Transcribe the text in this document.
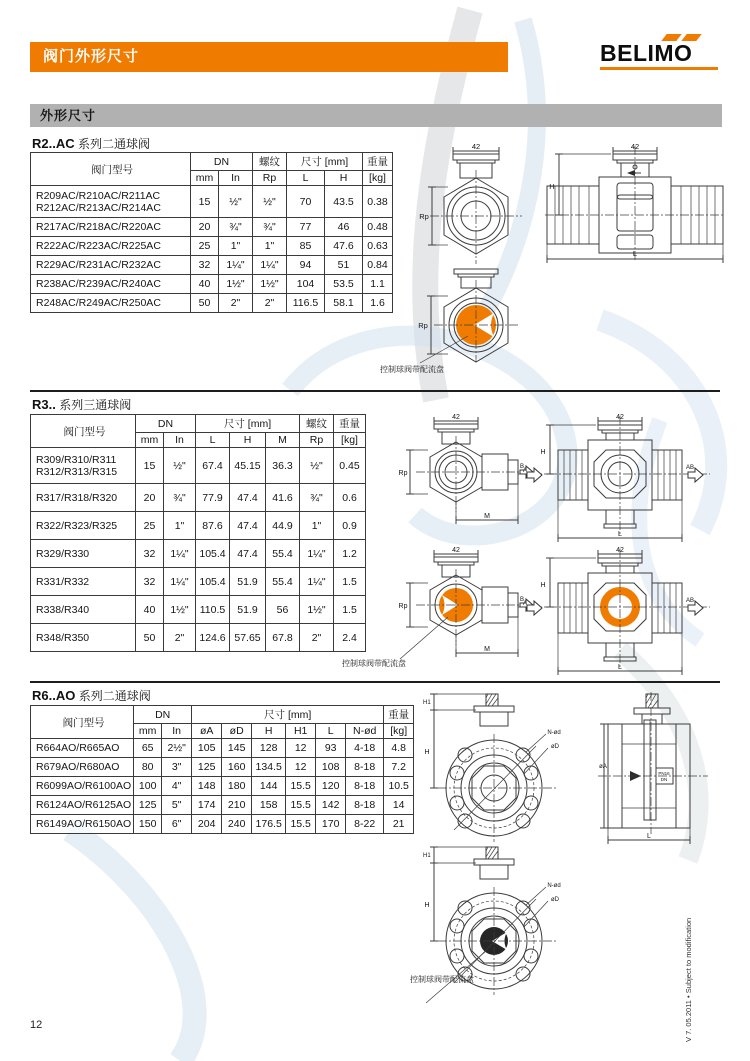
阀门外形尺寸	BELIMO
外形尺寸
R2..AC 系列二通球阀
阀门型号	DN		螺纹	尺寸 [mm]		重量
	mm	In	Rp	L	H	[kg]

R209AC/R210AC/R211AC
R212AC/R213AC/R214AC	15	½"	½"	70	43.5	0.38
R217AC/R218AC/R220AC	20	¾"	¾"	77	46	0.48
R222AC/R223AC/R225AC	25	1"	1"	85	47.6	0.63
R229AC/R231AC/R232AC	32	1¼"	1¼"	94	51	0.84
R238AC/R239AC/R240AC	40	1½"	1½"	104	53.5	1.1
R248AC/R249AC/R250AC	50	2"	2"	116.5	58.1	1.6
42
Rp
42
H
L
Rp
控制球阀带配流盘
R3.. 系列三通球阀
阀门型号	DN		尺寸 [mm]			螺纹	重量
	mm	In	L	H	M	Rp	[kg]

R309/R310/R311
R312/R313/R315	15	½"	67.4	45.15	36.3	½"	0.45
R317/R318/R320	20	¾"	77.9	47.4	41.6	¾"	0.6
R322/R323/R325	25	1"	87.6	47.4	44.9	1"	0.9
R329/R330	32	1¼"	105.4	47.4	55.4	1¼"	1.2
R331/R332	32	1¼"	105.4	51.9	55.4	1¼"	1.5
R338/R340	40	1½"	110.5	51.9	56	1½"	1.5
R348/R350	50	2"	124.6	57.65	67.8	2"	2.4
42
B
Rp
M
42
A	AB
H
L
42
B
Rp
M
42
A	AB
H
L
控制球阀带配流盘
R6..AO 系列二通球阀
阀门型号	DN		尺寸 [mm]						重量
	mm	In	øA	øD	H	H1	L	N-ød	[kg]
R664AO/R665AO	65	2½"	105	145	128	12	93	4-18	4.8
R679AO/R680AO	80	3"	125	160	134.5	12	108	8-18	7.2
R6099AO/R6100AO	100	4"	148	180	144	15.5	120	8-18	10.5
R6124AO/R6125AO	125	5"	174	210	158	15.5	142	8-18	14
R6149AO/R6150AO	150	6"	204	240	176.5	15.5	170	8-22	21
H1
H
N-ød
øD
PN16
DN
øA
L
H1
H
N-ød
øD
控制球阀带配流盘
12	V 7. 05.2011 • Subject to modification
